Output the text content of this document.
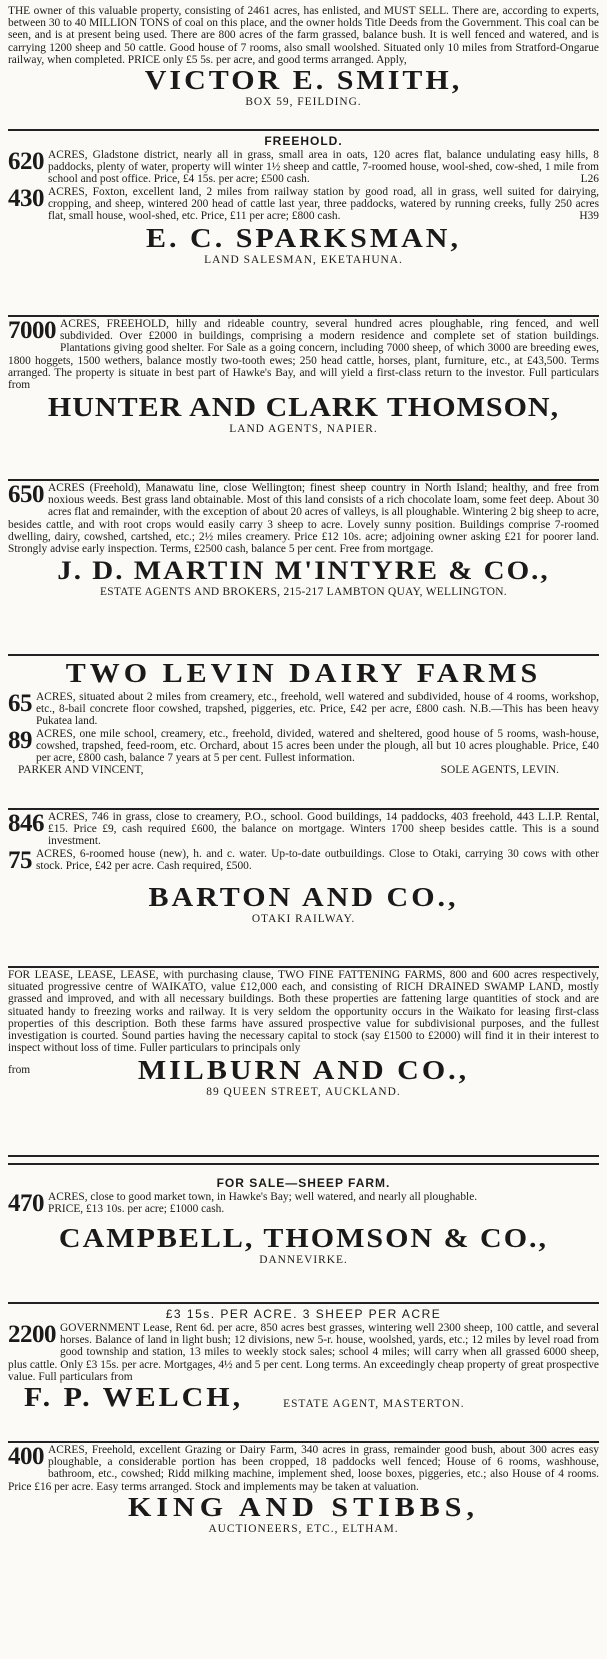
THE owner of this valuable property, consisting of 2461 acres, has enlisted, and MUST SELL. There are, according to experts, between 30 to 40 MILLION TONS of coal on this place, and the owner holds Title Deeds from the Government. This coal can be seen, and is at present being used. There are 800 acres of the farm grassed, balance bush. It is well fenced and watered, and is carrying 1200 sheep and 50 cattle. Good house of 7 rooms, also small woolshed. Situated only 10 miles from Stratford-Ongarue railway, when completed. PRICE only £5 5s. per acre, and good terms arranged. Apply,

VICTOR E. SMITH,

BOX 59, FEILDING.

FREEHOLD.
620 ACRES, Gladstone district, nearly all in grass, small area in oats, 120 acres flat, balance undulating easy hills, 8 paddocks, plenty of water, property will winter 1½ sheep and cattle, 7-roomed house, wool-shed, cow-shed, 1 mile from school and post office. Price, £4 15s. per acre; £500 cash.	L26

430 ACRES, Foxton, excellent land, 2 miles from railway station by good road, all in grass, well suited for dairying, cropping, and sheep, wintered 200 head of cattle last year, three paddocks, watered by running creeks, fully 250 acres flat, small house, wool-shed, etc. Price, £11 per acre; £800 cash.	H39

E. C. SPARKSMAN,

LAND SALESMAN, EKETAHUNA.

7000 ACRES, FREEHOLD, hilly and rideable country, several hundred acres ploughable, ring fenced, and well subdivided. Over £2000 in buildings, comprising a modern residence and complete set of station buildings. Plantations giving good shelter. For Sale as a going concern, including 7000 sheep, of which 3000 are breeding ewes, 1800 hoggets, 1500 wethers, balance mostly two-tooth ewes; 250 head cattle, horses, plant, furniture, etc., at £43,500. Terms arranged. The property is situate in best part of Hawke's Bay, and will yield a first-class return to the investor. Full particulars from

HUNTER AND CLARK THOMSON,

LAND AGENTS, NAPIER.

650 ACRES (Freehold), Manawatu line, close Wellington; finest sheep country in North Island; healthy, and free from noxious weeds. Best grass land obtainable. Most of this land consists of a rich chocolate loam, some feet deep. About 30 acres flat and remainder, with the exception of about 20 acres of valleys, is all ploughable. Wintering 2 big sheep to acre, besides cattle, and with root crops would easily carry 3 sheep to acre. Lovely sunny position. Buildings comprise 7-roomed dwelling, dairy, cowshed, cartshed, etc.; 2½ miles creamery. Price £12 10s. acre; adjoining owner asking £21 for poorer land. Strongly advise early inspection. Terms, £2500 cash, balance 5 per cent. Free from mortgage.

J. D. MARTIN M'INTYRE & CO.,

ESTATE AGENTS AND BROKERS, 215-217 LAMBTON QUAY, WELLINGTON.

TWO LEVIN DAIRY FARMS
65 ACRES, situated about 2 miles from creamery, etc., freehold, well watered and subdivided, house of 4 rooms, workshop, etc., 8-bail concrete floor cowshed, trapshed, piggeries, etc. Price, £42 per acre, £800 cash. N.B.—This has been heavy Pukatea land.

89 ACRES, one mile school, creamery, etc., freehold, divided, watered and sheltered, good house of 5 rooms, wash-house, cowshed, trapshed, feed-room, etc. Orchard, about 15 acres been under the plough, all but 10 acres ploughable. Price, £40 per acre, £800 cash, balance 7 years at 5 per cent. Fullest information.

PARKER AND VINCENT,	SOLE AGENTS, LEVIN.
846 ACRES, 746 in grass, close to creamery, P.O., school. Good buildings, 14 paddocks, 403 freehold, 443 L.I.P. Rental, £15. Price £9, cash required £600, the balance on mortgage. Winters 1700 sheep besides cattle. This is a sound investment.

75 ACRES, 6-roomed house (new), h. and c. water. Up-to-date outbuildings. Close to Otaki, carrying 30 cows with other stock. Price, £42 per acre. Cash required, £500.

BARTON AND CO.,

OTAKI RAILWAY.

FOR LEASE, LEASE, LEASE, with purchasing clause, TWO FINE FATTENING FARMS, 800 and 600 acres respectively, situated progressive centre of WAIKATO, value £12,000 each, and consisting of RICH DRAINED SWAMP LAND, mostly grassed and improved, and with all necessary buildings. Both these properties are fattening large quantities of stock and are situated handy to freezing works and railway. It is very seldom the opportunity occurs in the Waikato for leasing first-class properties of this description. Both these farms have assured prospective value for subdivisional purposes, and the fullest investigation is courted. Sound parties having the necessary capital to stock (say £1500 to £2000) will find it in their interest to inspect without loss of time. Fuller particulars to principals only

from	MILBURN AND CO.,

89 QUEEN STREET, AUCKLAND.

FOR SALE—SHEEP FARM.
470 ACRES, close to good market town, in Hawke's Bay; well watered, and nearly all ploughable.

PRICE, £13 10s. per acre; £1000 cash.

CAMPBELL, THOMSON & CO.,

DANNEVIRKE.

£3 15s. PER ACRE. 3 SHEEP PER ACRE
2200 GOVERNMENT Lease, Rent 6d. per acre, 850 acres best grasses, wintering well 2300 sheep, 100 cattle, and several horses. Balance of land in light bush; 12 divisions, new 5-r. house, woolshed, yards, etc.; 12 miles by level road from good township and station, 13 miles to weekly stock sales; school 4 miles; will carry when all grassed 6000 sheep, plus cattle. Only £3 15s. per acre. Mortgages, 4½ and 5 per cent. Long terms. An exceedingly cheap property of great prospective value. Full particulars from

F. P. WELCH,	ESTATE AGENT, MASTERTON.
400 ACRES, Freehold, excellent Grazing or Dairy Farm, 340 acres in grass, remainder good bush, about 300 acres easy ploughable, a considerable portion has been cropped, 18 paddocks well fenced; House of 6 rooms, washhouse, bathroom, etc., cowshed; Ridd milking machine, implement shed, loose boxes, piggeries, etc.; also House of 4 rooms. Price £16 per acre. Easy terms arranged. Stock and implements may be taken at valuation.

KING AND STIBBS,

AUCTIONEERS, ETC., ELTHAM.
